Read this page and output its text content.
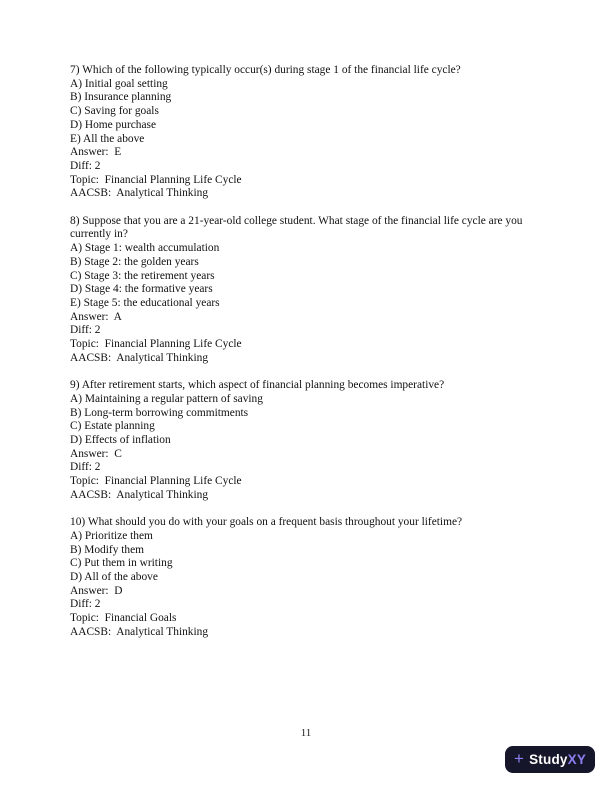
7) Which of the following typically occur(s) during stage 1 of the financial life cycle?
A) Initial goal setting
B) Insurance planning
C) Saving for goals
D) Home purchase
E) All the above
Answer:  E
Diff: 2
Topic:  Financial Planning Life Cycle
AACSB:  Analytical Thinking
8) Suppose that you are a 21-year-old college student. What stage of the financial life cycle are you currently in?
A) Stage 1: wealth accumulation
B) Stage 2: the golden years
C) Stage 3: the retirement years
D) Stage 4: the formative years
E) Stage 5: the educational years
Answer:  A
Diff: 2
Topic:  Financial Planning Life Cycle
AACSB:  Analytical Thinking
9) After retirement starts, which aspect of financial planning becomes imperative?
A) Maintaining a regular pattern of saving
B) Long-term borrowing commitments
C) Estate planning
D) Effects of inflation
Answer:  C
Diff: 2
Topic:  Financial Planning Life Cycle
AACSB:  Analytical Thinking
10) What should you do with your goals on a frequent basis throughout your lifetime?
A) Prioritize them
B) Modify them
C) Put them in writing
D) All of the above
Answer:  D
Diff: 2
Topic:  Financial Goals
AACSB:  Analytical Thinking
11
+ Study XY
